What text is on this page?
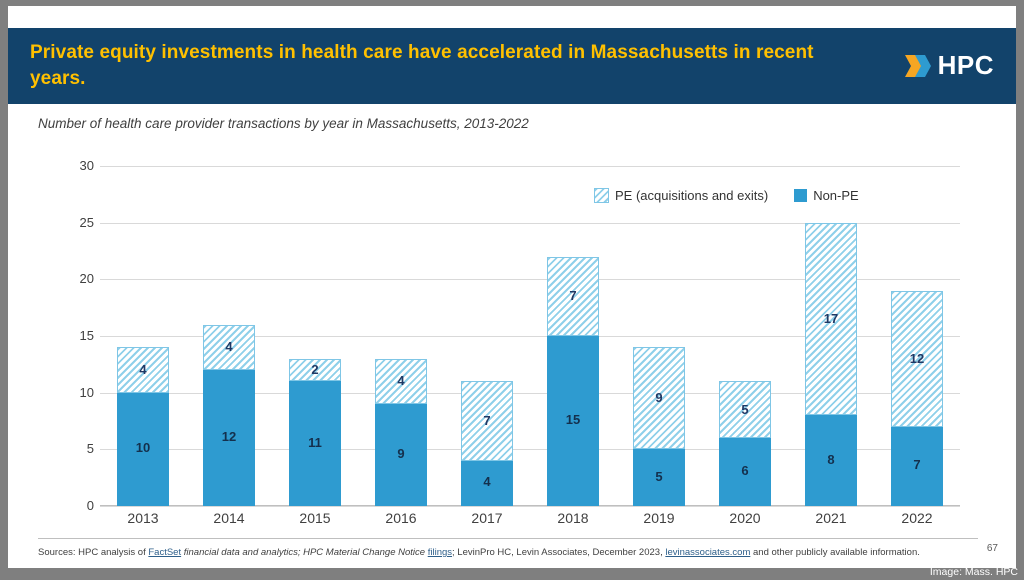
Private equity investments in health care have accelerated in Massachusetts in recent years.	HPC
Number of health care provider transactions by year in Massachusetts, 2013-2022
PE (acquisitions and exits)	Non-PE
0
5
10
15
20
25
30
4
10
4
12
2
11
4
9
7
4
7
15
9
5
5
6
17
8
12
7
2013	2014	2015	2016	2017	2018	2019	2020	2021	2022
Sources: HPC analysis of FactSet financial data and analytics; HPC Material Change Notice filings; LevinPro HC, Levin Associates, December 2023, levinassociates.com and other publicly available information.	67
Image: Mass. HPC
